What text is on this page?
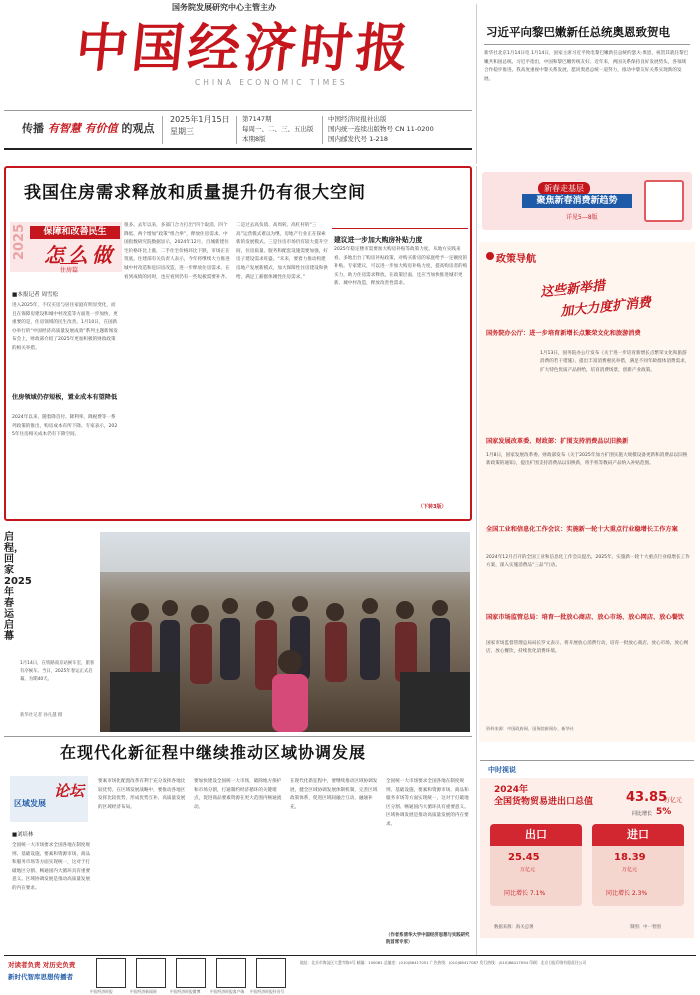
国务院发展研究中心主管主办
中国经济时报
CHINA ECONOMIC TIMES
传播 有智慧 有价值 的观点
2025年1月15日
星期三
第7147期
每周一、二、三、五出版
本期8版
中国经济时报社出版
国内统一连续出版物号 CN 11-0200
国内邮发代号 1-218
习近平向黎巴嫩新任总统奥恩致贺电
新华社北京1月14日电 1月14日，国家主席习近平致电黎巴嫩新任总统约瑟夫·奥恩，祝贺其就任黎巴嫩共和国总统。习近平指出，中国和黎巴嫩传统友好。近年来，两国关系保持良好发展势头，各领域合作稳步推进。我高度重视中黎关系发展，愿同奥恩总统一道努力，推动中黎友好关系实现新的发展。
我国住房需求释放和质量提升仍有很大空间
2025	保障和改善民生
怎么做
住房篇
■本报记者 周雪松
进入2025年，不仅买房与居住家庭有明显变化，而且在保障房建设和城中村改造等方面进一步加快，更重要的是，住房领域的民生改善。1月10日，在国新办举行的“中国经济高质量发展成效”系列主题新闻发布会上，财政部介绍了2025年更加积极的财政政策的相关举措。
住房领域仍存短板，置业成本有望降低
2024年以来，随着降首付、降利率、降税费等一系列政策的推出，购房成本有所下降。专家表示，2025年住房相关成本仍有下降空间。
很多。去年以来，多部门合力打出“四个取消、四个降低、两个增加”政策“组合拳”，释放住房需求。中国指数研究院数据显示，2024年12月，百城新建住宅价格环比上涨，二手住宅价格环比下跌，市场正在筑底。住建部有关负责人表示，今年将继续大力推进城中村改造和危旧房改造，进一步释放住房需求。在看到成绩的同时，也应看到仍有一些短板需要补齐。
二是过去高负债、高周转、高杠杆的“三高”运营模式难以为继，房地产行业正在探索新的发展模式。三是住房市场仍有较大提升空间，住房质量、服务和配套设施需要加强，好房子建设需求旺盛。“未来，要着力推动构建房地产发展新模式，加大保障性住房建设和供给，满足工薪群体刚性住房需求。”
建议进一步加大购房补贴力度
2025年稳定楼市需要加大购房补贴等政策力度。从地方实践来看，多地出台了购房补贴政策，对购买新房的家庭给予一定额度的补贴。专家建议，可以进一步加大购房补贴力度，提高购房者的购买力，助力住房需求释放。在政策层面，还应当加快推进城市更新、城中村改造，释放改善性需求。
（下转3版）
启程，回家 2025年春运启幕
1月14日，在铁路南京站候车室，旅客有序候车。当日，2025年春运正式启幕，为期40天。
新华社记者 孙凡越 摄
在现代化新征程中继续推动区域协调发展
区域发展
论坛
■刘培林
全国统一大市场要求全国各地在制度规则、基础设施、要素和资源市场、商品和服务市场等方面实现统一，这对于打破地区分割、畅通国内大循环具有重要意义。区域协调发展是推动高质量发展的内在要求。
要素市场化配置改革有利于充分发挥各地比较优势。在区域发展战略中，要推动各地区发挥比较优势，形成优势互补、高质量发展的区域经济布局。
要加快建设全国统一大市场，破除地方保护和市场分割，打通制约经济循环的关键堵点，促进商品要素资源在更大范围内畅通流动。
在现代化新征程中，要继续推动区域协调发展，健全区域协调发展体制机制，完善区域政策体系，促进区域间融合互动、融通补充。
全国统一大市场要求全国各地在制度规则、基础设施、要素和资源市场、商品和服务市场等方面实现统一，这对于打破地区分割、畅通国内大循环具有重要意义。区域协调发展是推动高质量发展的内在要求。
（作者系清华大学中国经济思想与实践研究院首席专家）
新春走基层
聚焦新春消费新趋势
详见5—8版
政策导航
这些新举措
加大力度扩消费
国务院办公厅：进一步培育新增长点繁荣文化和旅游消费
1月13日，国务院办公厅发布《关于进一步培育新增长点繁荣文化和旅游消费的若干措施》，提出丰富消费惠民举措，满足不同年龄群体消费需求，扩大特色优质产品供给，培育消费场景，创新产业政策。
国家发展改革委、财政部：扩围支持消费品以旧换新
1月8日，国家发展改革委、财政部发布《关于2025年加力扩围实施大规模设备更新和消费品以旧换新政策的通知》，提出扩围支持消费品以旧换新，将手机等数码产品纳入补贴范围。
全国工业和信息化工作会议：实施新一轮十大重点行业稳增长工作方案
2024年12月召开的全国工业和信息化工作会议提出，2025年，实施新一轮十大重点行业稳增长工作方案，深入实施消费品“三品”行动。
国家市场监管总局：培育一批放心商店、放心市场、放心网店、放心餐饮
国家市场监督管理总局局长罗文表示，将开展放心消费行动，培育一批放心商店、放心市场、放心网店、放心餐饮，持续优化消费环境。
资料来源：中国政府网、国务院新闻办、新华社
中时视说
2024年
全国货物贸易进出口总值	43.85
万亿元
同比增长 5%
出口
25.45
万亿元
同比增长 7.1%
进口
18.39
万亿元
同比增长 2.3%
数据来源：海关总署	制图：中一智图
对读者负责 对历史负责
新时代智库思想传播者
中国经济时报	中国经济新闻网	中国经济时报微博	中国经济时报客户端	中国经济时报抖音号
地址：北京市海淀区大慧寺路5号 邮编：100081 总编室：(010)88417051 广告热线：(010)88417087 发行热线：(010)88417094 印刷：北京日报印务有限责任公司
